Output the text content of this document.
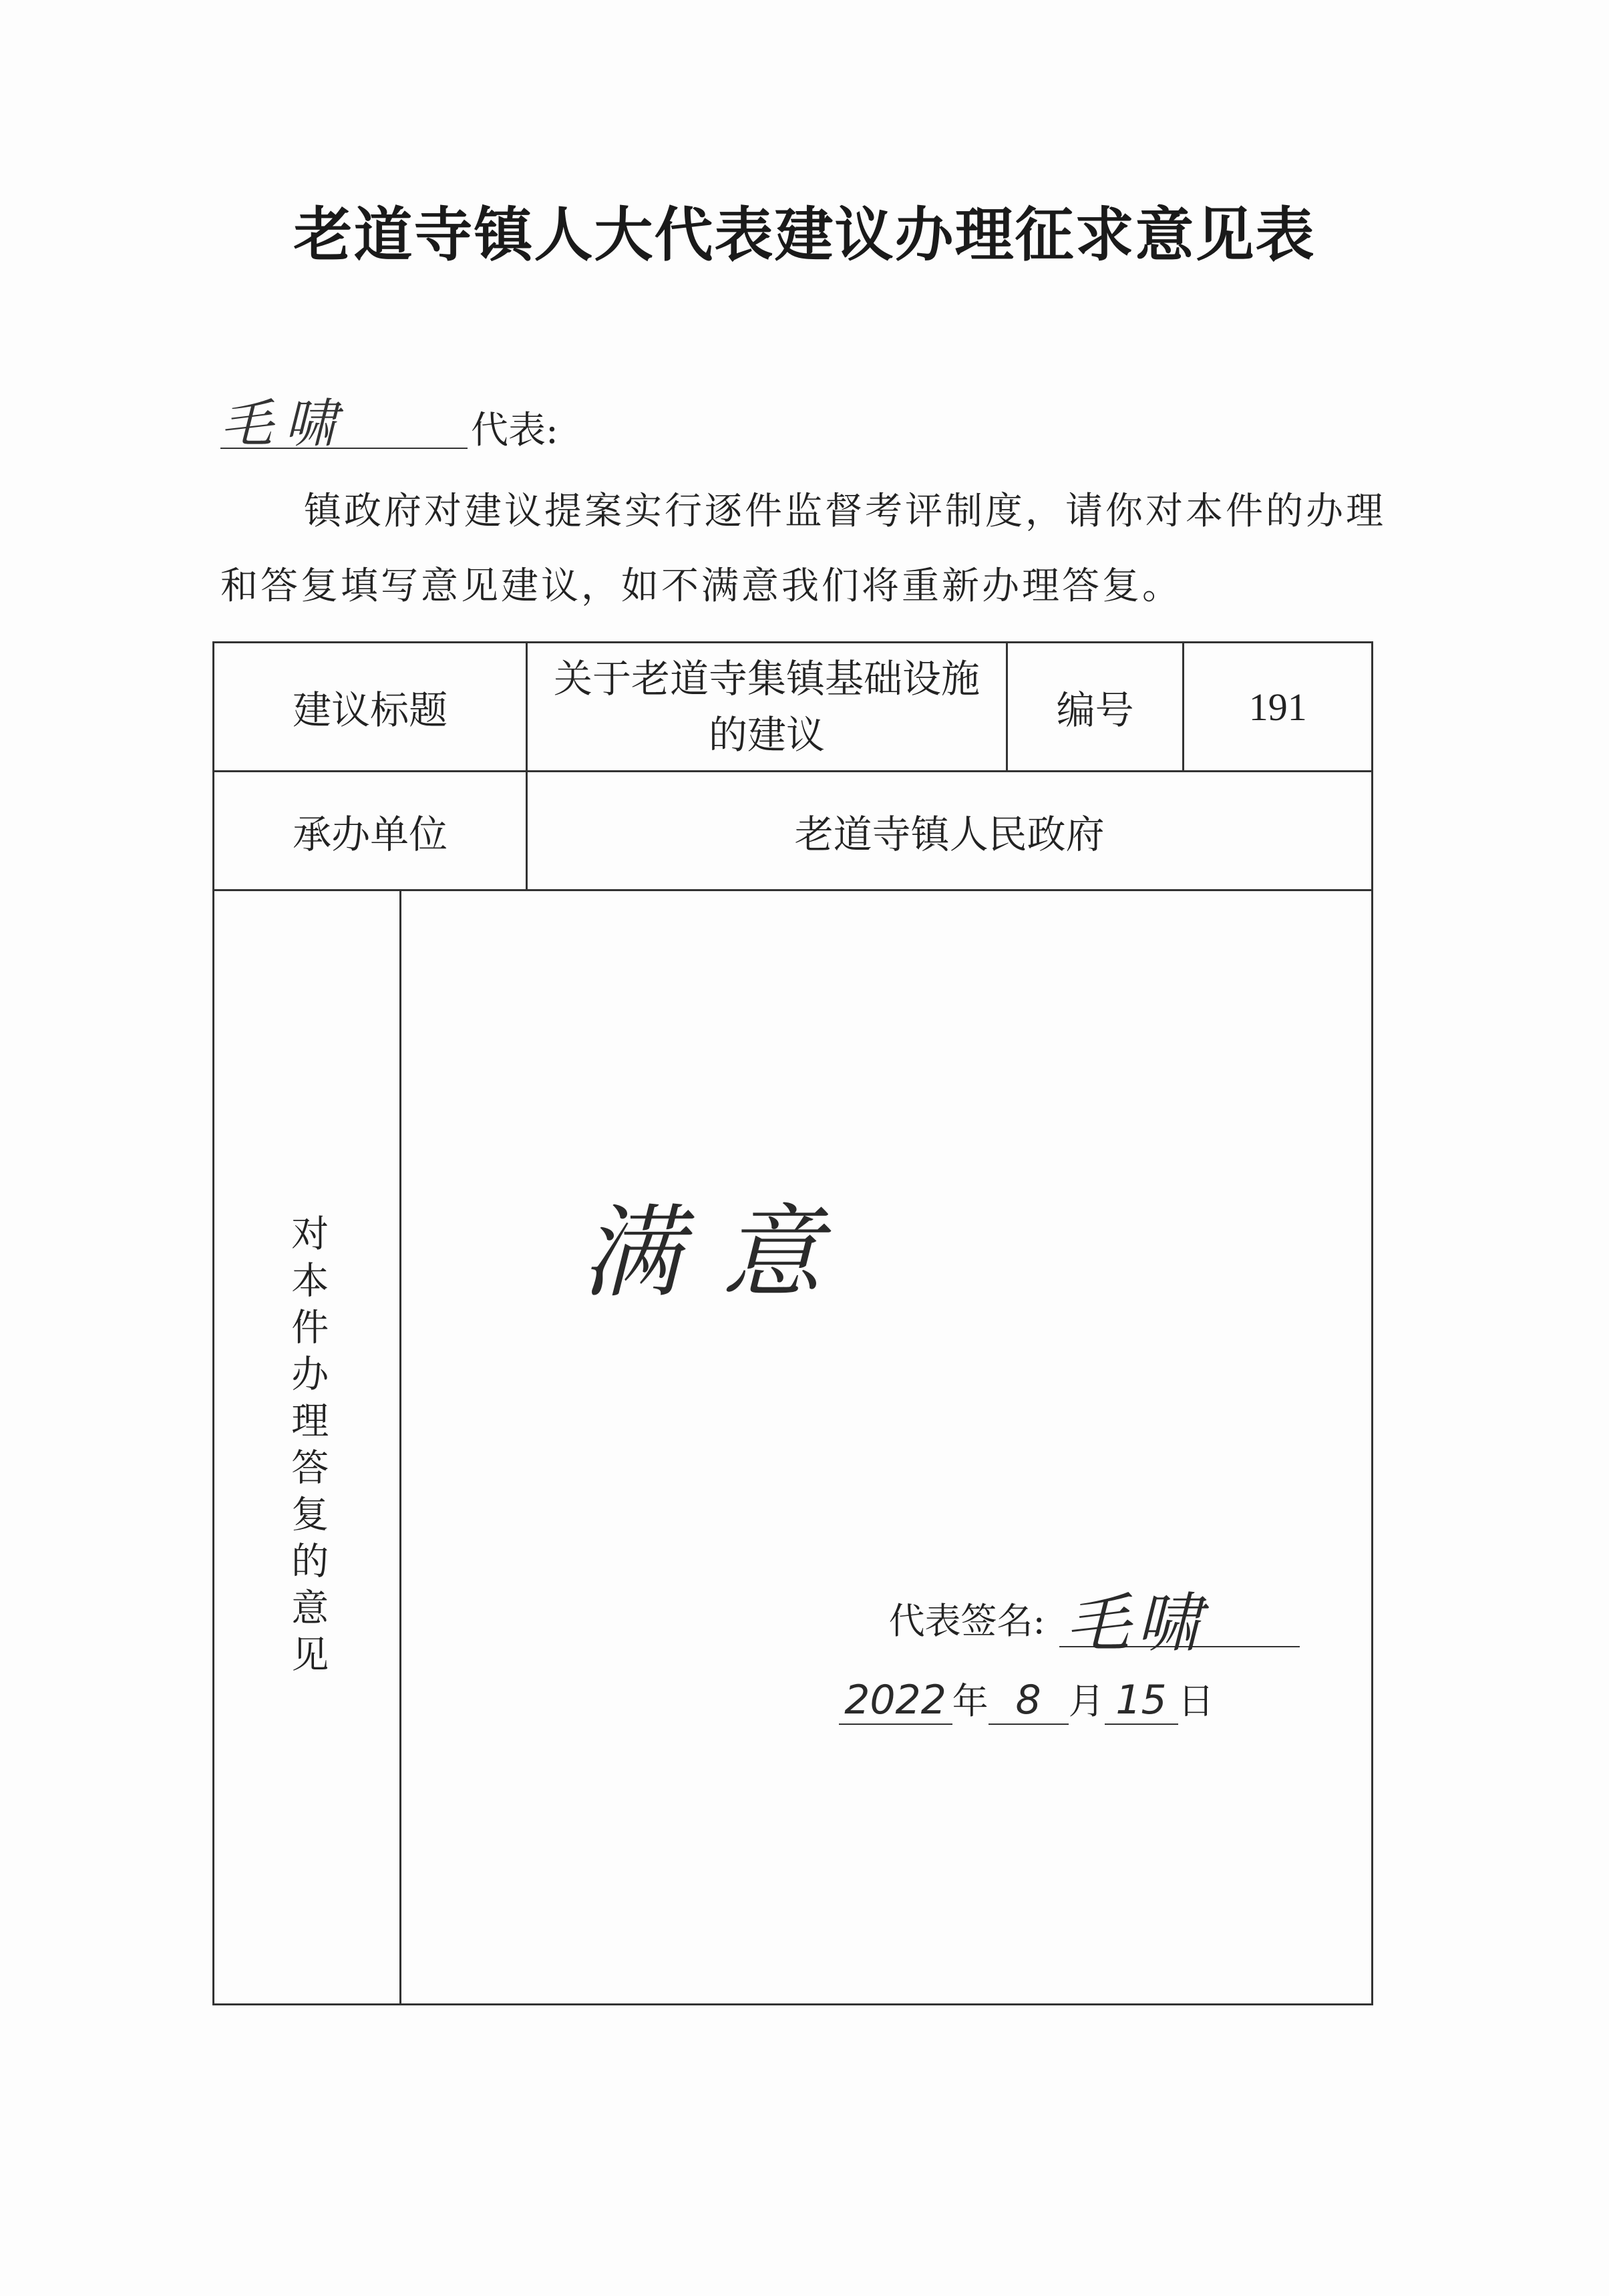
老道寺镇人大代表建议办理征求意见表
毛啸	代表:
镇政府对建议提案实行逐件监督考评制度，请你对本件的办理和答复填写意见建议，如不满意我们将重新办理答复。
建议标题		关于老道寺集镇基础设施的建议	编号	191
承办单位		老道寺镇人民政府		

对本件办理答复的意见	满意
代表签名: 毛啸
2022 年 8 月 15 日			
